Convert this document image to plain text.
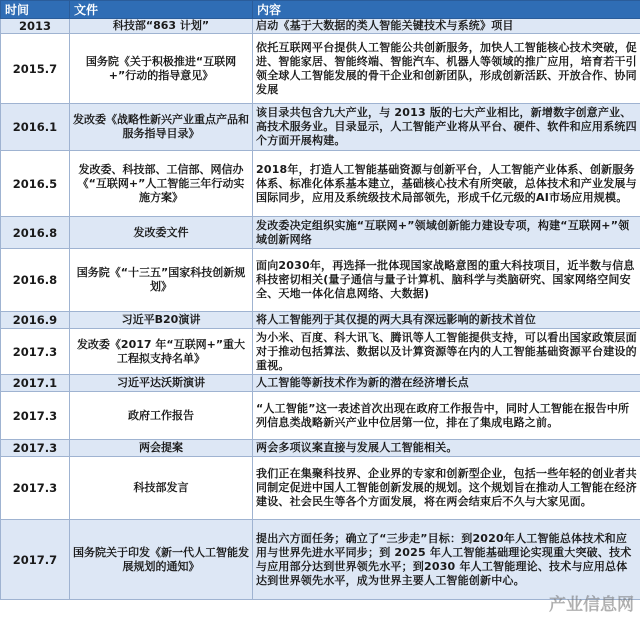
时间	文件	内容
2013	科技部“863 计划”	启动《基于大数据的类人智能关键技术与系统》项目
2015.7	国务院《关于积极推进“互联网+”行动的指导意见》	依托互联网平台提供人工智能公共创新服务，加快人工智能核心技术突破，促进、智能家居、智能终端、智能汽车、机器人等领域的推广应用，培育若干引领全球人工智能发展的骨干企业和创新团队，形成创新活跃、开放合作、协同发展
2016.1	发改委《战略性新兴产业重点产品和服务指导目录》	该目录共包含九大产业，与 2013 版的七大产业相比，新增数字创意产业、高技术服务业。目录显示，人工智能产业将从平台、硬件、软件和应用系统四个方面开展构建。
2016.5	发改委、科技部、工信部、网信办《“互联网+”人工智能三年行动实施方案》	2018年，打造人工智能基础资源与创新平台，人工智能产业体系、创新服务体系、标准化体系基本建立，基础核心技术有所突破，总体技术和产业发展与国际同步，应用及系统级技术局部领先，形成千亿元级的AI市场应用规模。
2016.8	发改委文件	发改委决定组织实施“互联网+”领域创新能力建设专项，构建“互联网+”领域创新网络
2016.8	国务院《“十三五”国家科技创新规划》	面向2030年，再选择一批体现国家战略意图的重大科技项目，近半数与信息科技密切相关(量子通信与量子计算机、脑科学与类脑研究、国家网络空间安全、天地一体化信息网络、大数据)
2016.9	习近平B20演讲	将人工智能列于其仅提的两大具有深远影响的新技术首位
2017.3	发改委《2017 年“互联网+”重大工程拟支持名单》	为小米、百度、科大讯飞、腾讯等人工智能提供支持，可以看出国家政策层面对于推动包括算法、数据以及计算资源等在内的人工智能基础资源平台建设的重视。
2017.1	习近平达沃斯演讲	人工智能等新技术作为新的潜在经济增长点
2017.3	政府工作报告	“人工智能”这一表述首次出现在政府工作报告中，同时人工智能在报告中所列信息类战略新兴产业中位居第一位，排在了集成电路之前。
2017.3	两会提案	两会多项议案直接与发展人工智能相关。
2017.3	科技部发言	我们正在集聚科技界、企业界的专家和创新型企业，包括一些年轻的创业者共同制定促进中国人工智能创新发展的规划。这个规划旨在推动人工智能在经济建设、社会民生等各个方面发展，将在两会结束后不久与大家见面。
2017.7	国务院关于印发《新一代人工智能发展规划的通知》	提出六方面任务；确立了“三步走”目标：到2020年人工智能总体技术和应用与世界先进水平同步；到 2025 年人工智能基础理论实现重大突破、技术与应用部分达到世界领先水平；到2030 年人工智能理论、技术与应用总体达到世界领先水平，成为世界主要人工智能创新中心。
产业信息网
